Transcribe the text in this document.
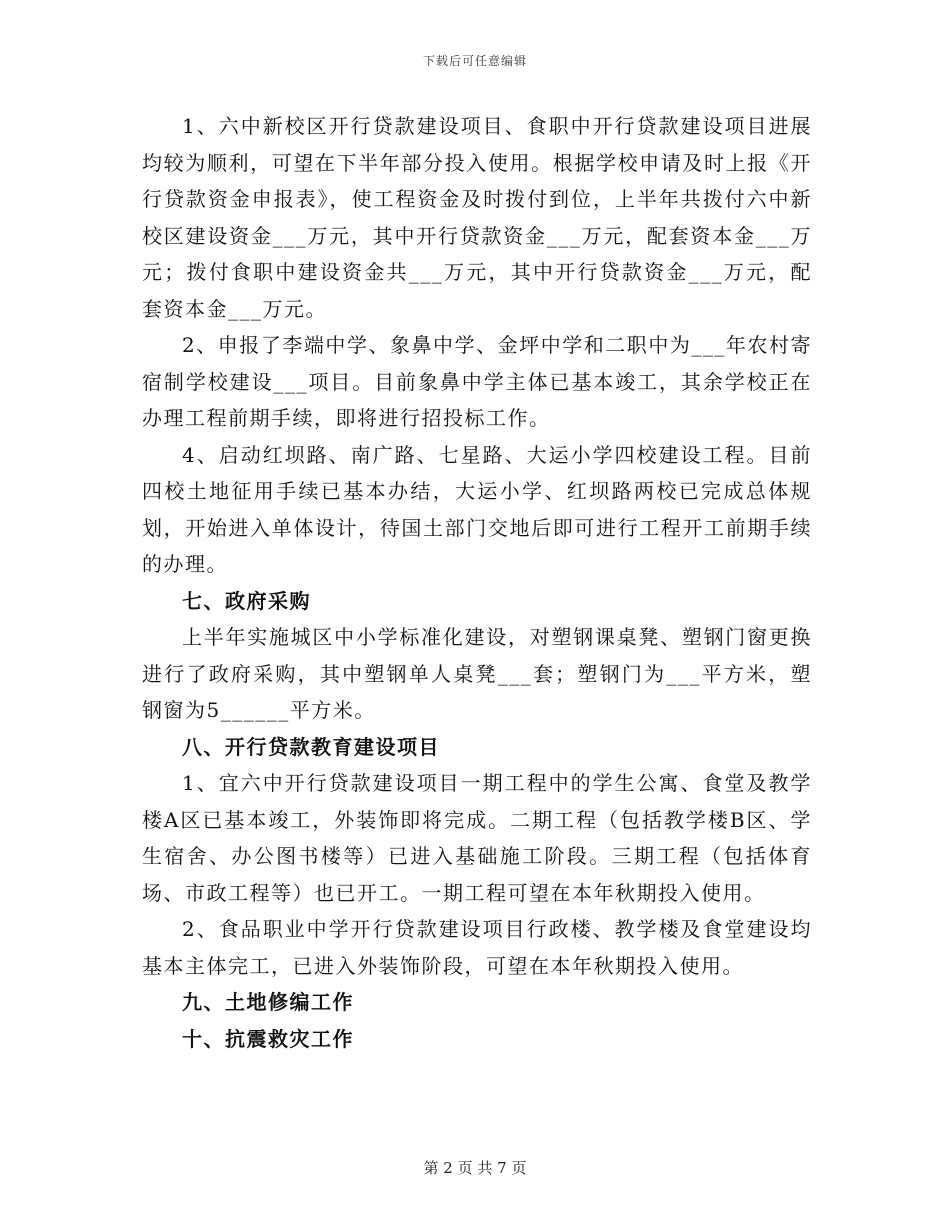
下载后可任意编辑

1、六中新校区开行贷款建设项目、食职中开行贷款建设项目进展均较为顺利，可望在下半年部分投入使用。根据学校申请及时上报《开行贷款资金申报表》，使工程资金及时拨付到位，上半年共拨付六中新校区建设资金___万元，其中开行贷款资金___万元，配套资本金___万元；拨付食职中建设资金共___万元，其中开行贷款资金___万元，配套资本金___万元。

2、申报了李端中学、象鼻中学、金坪中学和二职中为___年农村寄宿制学校建设___项目。目前象鼻中学主体已基本竣工，其余学校正在办理工程前期手续，即将进行招投标工作。

4、启动红坝路、南广路、七星路、大运小学四校建设工程。目前四校土地征用手续已基本办结，大运小学、红坝路两校已完成总体规划，开始进入单体设计，待国土部门交地后即可进行工程开工前期手续的办理。

七、政府采购

上半年实施城区中小学标准化建设，对塑钢课桌凳、塑钢门窗更换进行了政府采购，其中塑钢单人桌凳___套；塑钢门为___平方米，塑钢窗为5______平方米。

八、开行贷款教育建设项目

1、宜六中开行贷款建设项目一期工程中的学生公寓、食堂及教学楼A区已基本竣工，外装饰即将完成。二期工程（包括教学楼B区、学生宿舍、办公图书楼等）已进入基础施工阶段。三期工程（包括体育场、市政工程等）也已开工。一期工程可望在本年秋期投入使用。

2、食品职业中学开行贷款建设项目行政楼、教学楼及食堂建设均基本主体完工，已进入外装饰阶段，可望在本年秋期投入使用。

九、土地修编工作

十、抗震救灾工作

第 2 页 共 7 页
